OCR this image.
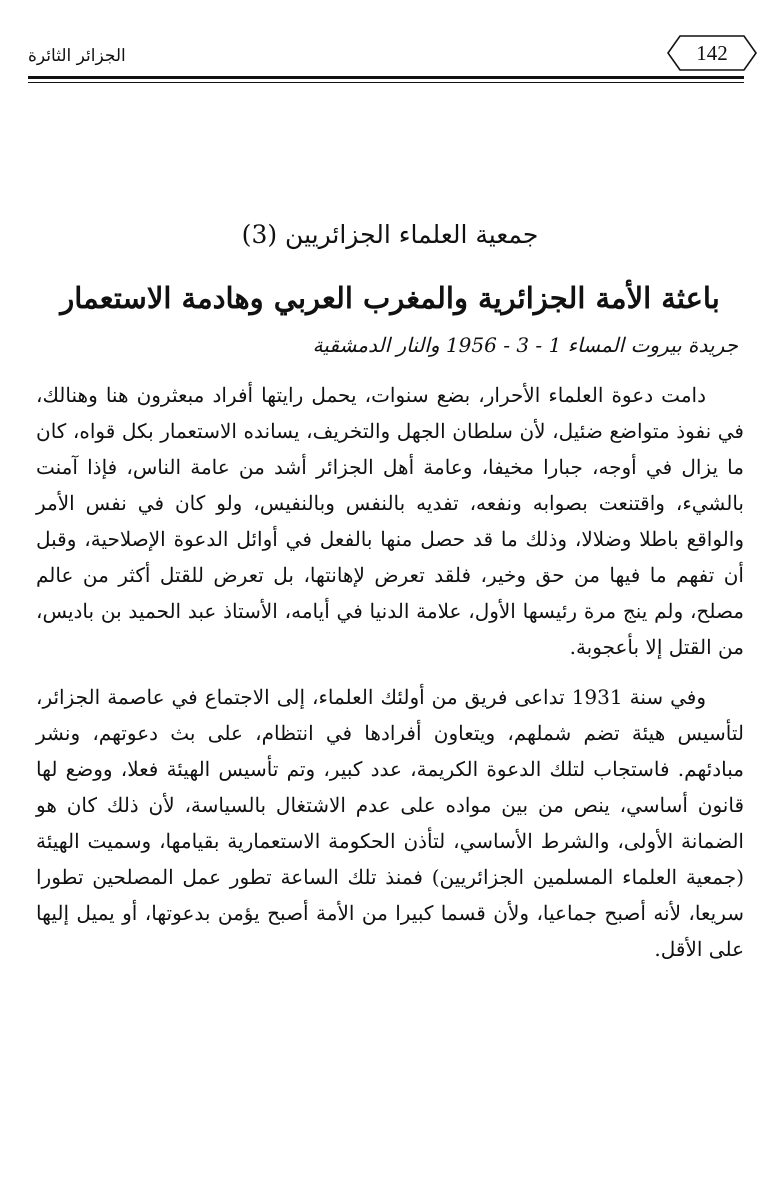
الجزائر الثائرة	142
جمعية العلماء الجزائريين (3)
باعثة الأمة الجزائرية والمغرب العربي وهادمة الاستعمار
جريدة بيروت المساء 1 - 3 - 1956 والنار الدمشقية

دامت دعوة العلماء الأحرار، بضع سنوات، يحمل رايتها أفراد مبعثرون هنا وهنالك، في نفوذ متواضع ضئيل، لأن سلطان الجهل والتخريف، يسانده الاستعمار بكل قواه، كان ما يزال في أوجه، جبارا مخيفا، وعامة أهل الجزائر أشد من عامة الناس، فإذا آمنت بالشيء، واقتنعت بصوابه ونفعه، تفديه بالنفس وبالنفيس، ولو كان في نفس الأمر والواقع باطلا وضلالا، وذلك ما قد حصل منها بالفعل في أوائل الدعوة الإصلاحية، وقبل أن تفهم ما فيها من حق وخير، فلقد تعرض لإهانتها، بل تعرض للقتل أكثر من عالم مصلح، ولم ينج مرة رئيسها الأول، علامة الدنيا في أيامه، الأستاذ عبد الحميد بن باديس، من القتل إلا بأعجوبة.

وفي سنة 1931 تداعى فريق من أولئك العلماء، إلى الاجتماع في عاصمة الجزائر، لتأسيس هيئة تضم شملهم، ويتعاون أفرادها في انتظام، على بث دعوتهم، ونشر مبادئهم. فاستجاب لتلك الدعوة الكريمة، عدد كبير، وتم تأسيس الهيئة فعلا، ووضع لها قانون أساسي، ينص من بين مواده على عدم الاشتغال بالسياسة، لأن ذلك كان هو الضمانة الأولى، والشرط الأساسي، لتأذن الحكومة الاستعمارية بقيامها، وسميت الهيئة (جمعية العلماء المسلمين الجزائريين) فمنذ تلك الساعة تطور عمل المصلحين تطورا سريعا، لأنه أصبح جماعيا، ولأن قسما كبيرا من الأمة أصبح يؤمن بدعوتها، أو يميل إليها على الأقل.
